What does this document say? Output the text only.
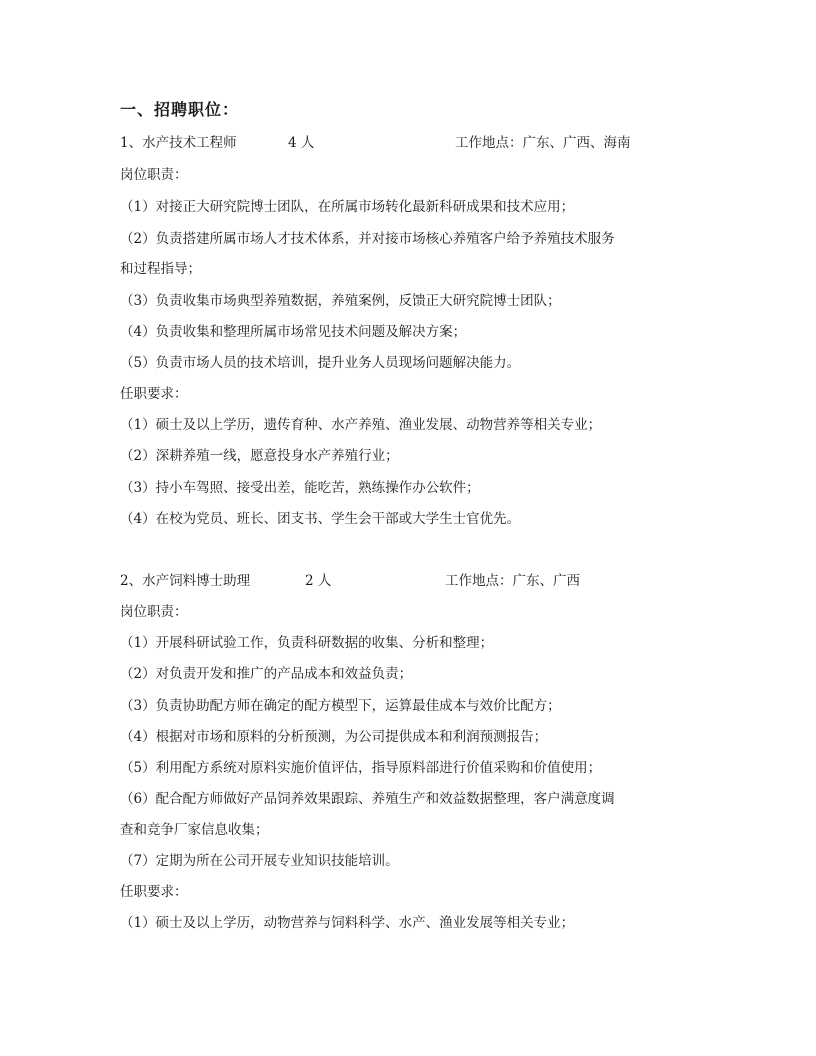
一、招聘职位：
1、水产技术工程师	4 人	工作地点：广东、广西、海南
岗位职责：
（1）对接正大研究院博士团队，在所属市场转化最新科研成果和技术应用；
（2）负责搭建所属市场人才技术体系，并对接市场核心养殖客户给予养殖技术服务
和过程指导；
（3）负责收集市场典型养殖数据，养殖案例，反馈正大研究院博士团队；
（4）负责收集和整理所属市场常见技术问题及解决方案；
（5）负责市场人员的技术培训，提升业务人员现场问题解决能力。
任职要求：
（1）硕士及以上学历，遗传育种、水产养殖、渔业发展、动物营养等相关专业；
（2）深耕养殖一线，愿意投身水产养殖行业；
（3）持小车驾照、接受出差，能吃苦，熟练操作办公软件；
（4）在校为党员、班长、团支书、学生会干部或大学生士官优先。
2、水产饲料博士助理	2 人	工作地点：广东、广西
岗位职责：
（1）开展科研试验工作，负责科研数据的收集、分析和整理；
（2）对负责开发和推广的产品成本和效益负责；
（3）负责协助配方师在确定的配方模型下，运算最佳成本与效价比配方；
（4）根据对市场和原料的分析预测，为公司提供成本和利润预测报告；
（5）利用配方系统对原料实施价值评估，指导原料部进行价值采购和价值使用；
（6）配合配方师做好产品饲养效果跟踪、养殖生产和效益数据整理，客户满意度调
查和竞争厂家信息收集；
（7）定期为所在公司开展专业知识技能培训。
任职要求：
（1）硕士及以上学历，动物营养与饲料科学、水产、渔业发展等相关专业；
